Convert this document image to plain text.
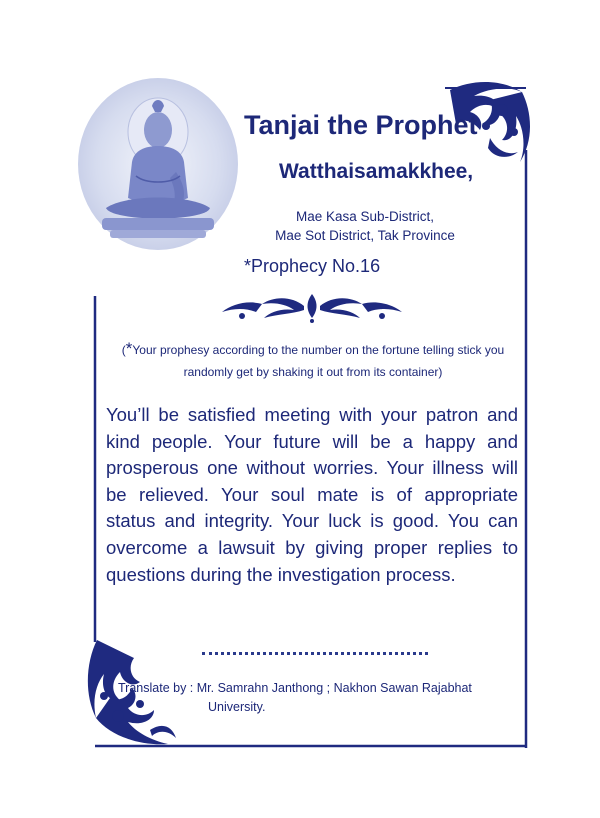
Tanjai the Prophet
Watthaisamakkhee,
Mae Kasa Sub-District,
Mae Sot District, Tak Province
*Prophecy No.16
(*Your prophesy according to the number on the fortune telling stick you randomly get by shaking it out from its container)
You’ll be satisfied meeting with your patron and kind people. Your future will be a happy and prosperous one without worries. Your illness will be relieved. Your soul mate is of appropriate status and integrity. Your luck is good. You can overcome a lawsuit by giving proper replies to questions during the investigation process.
Translate by : Mr. Samrahn Janthong ; Nakhon Sawan Rajabhat
University.
